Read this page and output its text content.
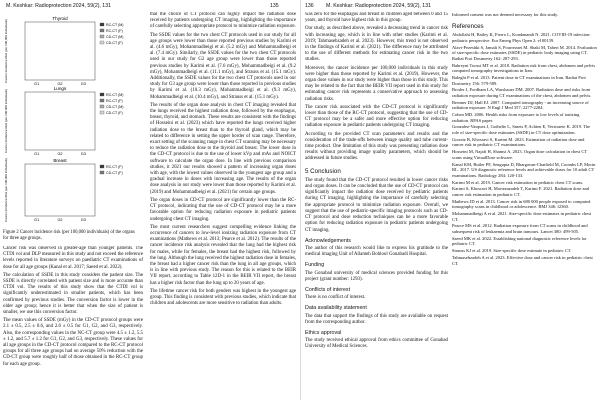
M. Keshkar: Radioprotection 2024, 59(2), 131	135
Thyroid
G1	G2	G3
Cancer Incidence Risk (per 100,000 individuals)	RC-CT (M)
RC-CT (F)
CD-CT (M)
CD-CT (F)
Lungs
G1	G2	G3
Cancer Incidence Risk (per 100,000 individuals)	RC-CT (M)
RC-CT (F)
CD-CT (M)
CD-CT (F)
Breast
G1	G2	G3
Cancer Incidence Risk (per 100,000 individuals)	RC-CT (F)
CD-CT (F)
Figure 2 Cancer incidence risk (per 100,000 individuals) of the organs for three age groups.

Cancer risk was observed in greater-age than younger patients. The CTDI vol and DLP measured in this study and not exceed the reference levels reported in literature surveys on paediatric CT examinations of dose for all age groups (Kanal et al. 2017; Saeed et al. 2022).

The calculation of SSDE in this study considers the patient size. The SSDE is directly correlated with patient size and is more accurate than CTDI vol. The results of this study show that the CTDI vol is significantly underestimated in smaller patients, which has been confirmed by previous studies. The conversion factor is lower in the older age group; hence it is better that when the size of patient is smaller, we use this conversion factor.

The mean values of SSDE (mGy) in the CD-CT protocol groups were 2.1 ± 0.5, 2.5 ± 0.6, and 2.6 ± 0.5 for G1, G2, and G3, respectively. Also, the corresponding values in the NC-CT group were 4.5 ± 1.2, 5.5 ± 1.2, and 5.7 ± 1.2 for G1, G2, and G3, respectively. These values for all age groups in the CD-CT protocol compared to the RC-CT protocol groups for all three age groups had on average 50% reduction with the CD-CT group were roughly half of those obtained in the RC-CT group for each age group.

that the choice of CT protocol can highly impact the radiation dose received by patients undergoing CT imaging, highlighting the importance of carefully selecting appropriate protocol to minimize radiation exposure.

The SSDE values for the two chest CT protocols used in our study for all age groups were lower than those reported previous studies by Karimi et al. (4.6 mGy), Mohammadbeigi et al. (5.2 mGy) and Mohammadbeigi et al. (7.4 mGy). Similarly, the SSDE values for the two chest CT protocols used in our study for G2 age group were lower than those reported previous studies by Karimi et al. (7.6 mGy), Mohammadbeigi et al. (9.2 mGy), Mohammadbeigi et al. (11.1 mGy), and Strauss et al. (15.1 mGy). Additionally, the SSDE values for the two chest CT protocols used in our study for G3 age group were lower than those reported in previous studies by Karimi et al. (10.3 mGy), Mohammadbeigi et al. (9.3 mGy), Mohammadbeigi et al. (10.4 mGy), and Strauss et al. (15.1 mGy).

The results of the organ dose analysis in chest CT imaging revealed that the lungs received the highest radiation dose, followed by the esophagus, breast, thyroid, and stomach. These results are consistent with the findings of Hosseini et al. (2023) which have reported the lungs received higher radiation dose to the breast than to the thyroid gland, which may be related to difference in setting the upper border of scan range. Therefore, exact setting of the scanning range in chest CT scanning may be necessary to reduce the radiation dose to the thyroid and breast. The lower dose in the CD-CT protocol is due to the use of lower kVp and mAs and NOICT software to calculate the organ dose. In line with previous comparison studies, it 2021 our results showed a pattern of increasing organ doses with age, with the lowest values observed in the youngest age group and a gradual increase in doses with increasing age. The results of the organ dose analysis in our study were lower than those reported by Karimi et al. (2019) and Mohammadbeigi et al. (2021) for certain age groups.

The organ doses in CD-CT protocol are significantly lower than the RC-CT protocol, indicating that the use of CD-CT protocol may be a more favorable option for reducing radiation exposure in pediatric patients undergoing chest CT imaging.

The most current researchers suggest compelling evidence linking the occurrence of cancers to low-level ionizing radiation exposure from CT examinations (Mathews et al. 2013; Pearce et al. 2012). The results of the cancer incidence risk analysis revealed that the lung had the highest risk for males, while for females, the breast had the highest risk, followed by the lung. Although the lung received the highest radiation dose in females, the breast had a higher cancer risk than the lung in all age groups, which is in line with previous study. The reason for this is related to the BEIR VII report, according to Table 12D-1 in the BEIR VII report, the breast has a higher risk factor than the lung up to 20 years of age.

The lifetime cancer risk for both genders was highest in the youngest age group. This finding is consistent with previous studies, which indicate that children and adolescents are more sensitive to radiation than adults.

136 M. Keshkar: Radioprotection 2024, 59(2), 131

was zero for the esophagus and breast in children aged between 0 and 15 years, and thyroid have highest risk in this group.

Our study, as described above, revealed a decreasing trend in cancer risk with increasing age, which is in line with other studies (Karimi et al. 2019; Tahmasebzadeh et al. 2023). However, this trend is not observed in the findings of Karimi et al. (2021). The difference may be attributed to the use of different methods for estimating cancer risk in the two studies.

Moreover, the cancer incidence per 100,000 individuals in this study were higher than those reported by Karimi et al. (2019). However, the organ dose values in our study were higher than those in this study. This may be related to the fact that the BEIR VII report used in this study for estimating cancer risk represents a conservative approach to assessing radiation risks.

The cancer risk associated with the CD-CT protocol is significantly lower than those of the RC-CT protocol, suggesting that the use of CD-CT protocol may be a safer and more effective option for reducing radiation exposure in pediatric patients undergoing CT imaging.

According to the provided CT scan parameters and results and the consideration of the trade-offs between image quality and tube current-time product. One limitation of this study was presenting radiation dose results without providing image quality parameters, which should be addressed in future studies.

5 Conclusion

The study found that the CD-CT protocol resulted in lower cancer risks and organ doses. It can be concluded that the use of CD-CT protocol can significantly impact the radiation dose received by pediatric patients during CT imaging, highlighting the importance of carefully selecting the appropriate protocol to minimize radiation exposure. Overall, we suggest that the use of pediatric-specific imaging protocols such as CD-CT protocol and dose reduction techniques can be a more favorable option for reducing radiation exposure in pediatric patients undergoing CT imaging.

Acknowledgements

The author of this research would like to express his gratitude to the medical imaging Unit of Allameh Bohlool Gonabadi Hospital.

Funding

The Gonabad university of medical sciences provided funding for this project (grant number: 1293).

Conflicts of interest

There is no conflict of interest.

Data availability statement

The data that support the findings of this study are available on request from the corresponding author.

Ethics approval

The study received ethical approval from ethics committee of Gonabad University of Medical Sciences.

Informed consent was not deemed necessary for this study.

References

Abdollahi H, Bailey K, Fierro L, Kondanandi N. 2021. COVID-19 infection: pediatric perspective. Eur Emerg Phys Open 2: e100139.

Alavi-Pezeshki S, Jamali S, Pourrezaei M. Shaki M, Taheri M. 2014. Evaluation of size-specific dose estimates (SSDE) in pediatric body imaging using CT. Radiat Prot Dosimetry 162: 287-293.

Bahreyni Toossi MT et al. 2018. Radiation risk from chest, abdomen and pelvis computed tomography investigations in Iran.

Baleghi P et al. 2013. Patient dose in CT examinations in Iran. Radiat Prot Dosimetry 156: 579-589.

Broder J, Fordham LA, Warshauer DM. 2007. Radiation dose and risks from radiation exposure during CT examinations of the chest, abdomen and pelvis.

Brenner DJ, Hall EJ. 2007. Computed tomography - an increasing source of radiation exposure. N Engl J Med 357: 2277-2284.

Cohen MD. 2006. Health risks from exposure to low levels of ionizing radiation. RPAS paper.

Gonzalez-Vasquez J, Gothelie L, Smets P, Achten E, Verstraete K. 2019. The role of size-specific dose estimates (SSDE) in CT dose optimization.

Gorraiz B, Khosravi S, Karimi M. 2023. Estimation of radiation dose and cancer risk in pediatric CT examinations.

Hosseini M, Najafi H, Shamsi A. 2023. Organ dose calculation in chest CT scans using VirtualDose software.

Kanal KM, Butler PF, Sengupta D, Bhargavan-Chatfield M, Coombs LP, Morin RL. 2017. US diagnostic reference levels and achievable doses for 10 adult CT examinations. Radiology 284: 120-133.

Karimi M et al. 2019. Cancer risk estimation in pediatric chest CT scans.

Karimi S, Khosravi H, Mortezazadeh T, Karimi F. 2021. Radiation dose and cancer risk estimation in pediatric CT.

Mathews JD et al. 2013. Cancer risk in 680 000 people exposed to computed tomography scans in childhood or adolescence. BMJ 346: f2360.

Mohammadbeigi A et al. 2021. Size-specific dose estimates in pediatric chest CT.

Pearce MS et al. 2012. Radiation exposure from CT scans in childhood and subsequent risk of leukaemia and brain tumours. Lancet 380: 499-505.

Saeed MK et al. 2022. Establishing national diagnostic reference levels for pediatric CT.

Strauss KJ et al. 2019. Size-specific dose estimate in pediatric CT.

Tahmasebzadeh A et al. 2023. Effective dose and cancer risk in pediatric chest CT.
